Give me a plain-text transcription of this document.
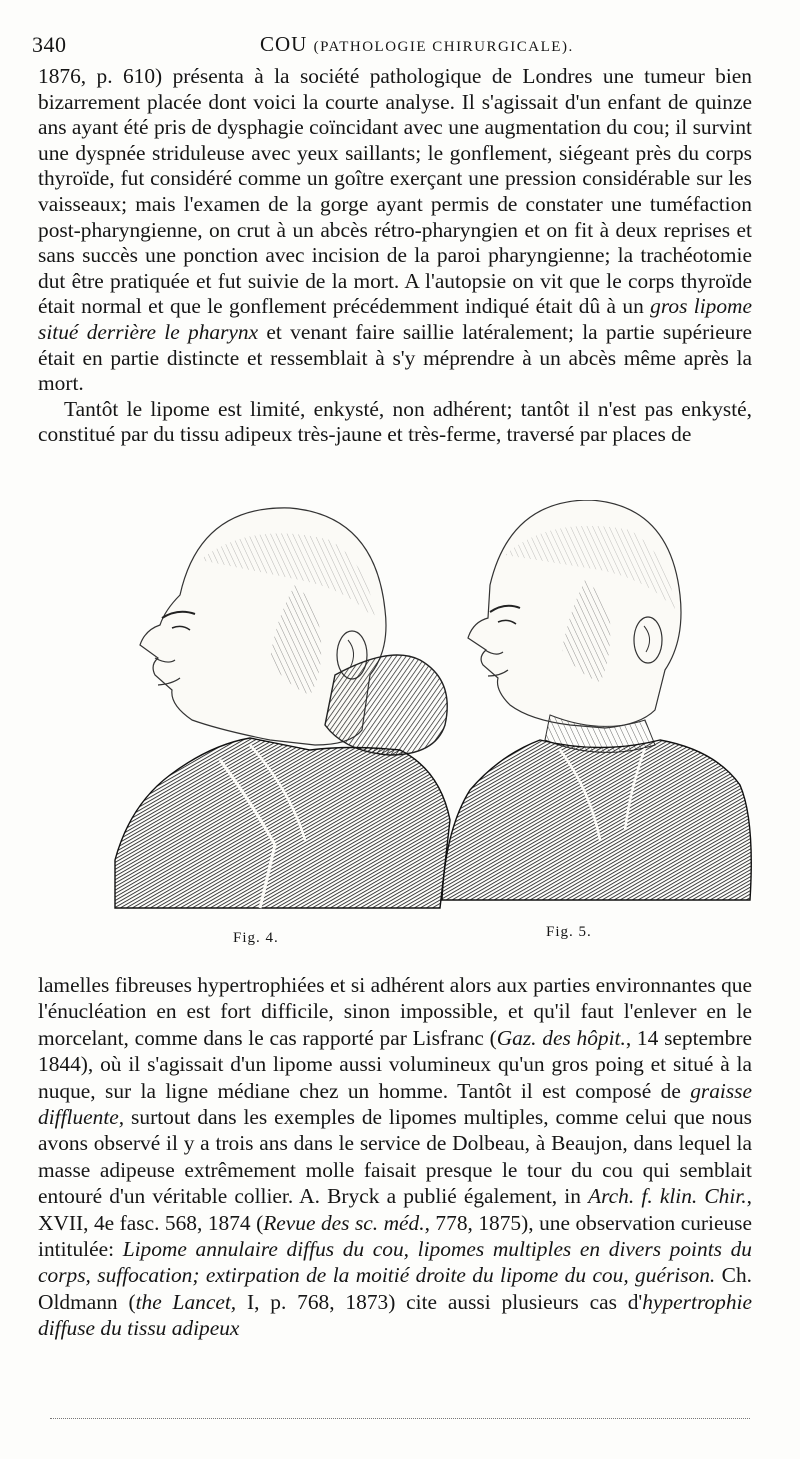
340	COU (PATHOLOGIE CHIRURGICALE).

1876, p. 610) présenta à la société pathologique de Londres une tumeur bien bizarrement placée dont voici la courte analyse. Il s'agissait d'un enfant de quinze ans ayant été pris de dysphagie coïncidant avec une augmentation du cou; il survint une dyspnée striduleuse avec yeux saillants; le gonflement, siégeant près du corps thyroïde, fut considéré comme un goître exerçant une pression considérable sur les vaisseaux; mais l'examen de la gorge ayant permis de constater une tuméfaction post-pharyngienne, on crut à un abcès rétro-pharyngien et on fit à deux reprises et sans succès une ponction avec incision de la paroi pharyngienne; la trachéotomie dut être pratiquée et fut suivie de la mort. A l'autopsie on vit que le corps thyroïde était normal et que le gonflement précédemment indiqué était dû à un gros lipome situé derrière le pharynx et venant faire saillie latéralement; la partie supérieure était en partie distincte et ressemblait à s'y méprendre à un abcès même après la mort.

Tantôt le lipome est limité, enkysté, non adhérent; tantôt il n'est pas enkysté, constitué par du tissu adipeux très-jaune et très-ferme, traversé par places de

Fig. 4.	Fig. 5.

lamelles fibreuses hypertrophiées et si adhérent alors aux parties environnantes que l'énucléation en est fort difficile, sinon impossible, et qu'il faut l'enlever en le morcelant, comme dans le cas rapporté par Lisfranc (Gaz. des hôpit., 14 septembre 1844), où il s'agissait d'un lipome aussi volumineux qu'un gros poing et situé à la nuque, sur la ligne médiane chez un homme. Tantôt il est composé de graisse diffluente, surtout dans les exemples de lipomes multiples, comme celui que nous avons observé il y a trois ans dans le service de Dolbeau, à Beaujon, dans lequel la masse adipeuse extrêmement molle faisait presque le tour du cou qui semblait entouré d'un véritable collier. A. Bryck a publié également, in Arch. f. klin. Chir., XVII, 4e fasc. 568, 1874 (Revue des sc. méd., 778, 1875), une observation curieuse intitulée: Lipome annulaire diffus du cou, lipomes multiples en divers points du corps, suffocation; extirpation de la moitié droite du lipome du cou, guérison. Ch. Oldmann (the Lancet, I, p. 768, 1873) cite aussi plusieurs cas d'hypertrophie diffuse du tissu adipeux
